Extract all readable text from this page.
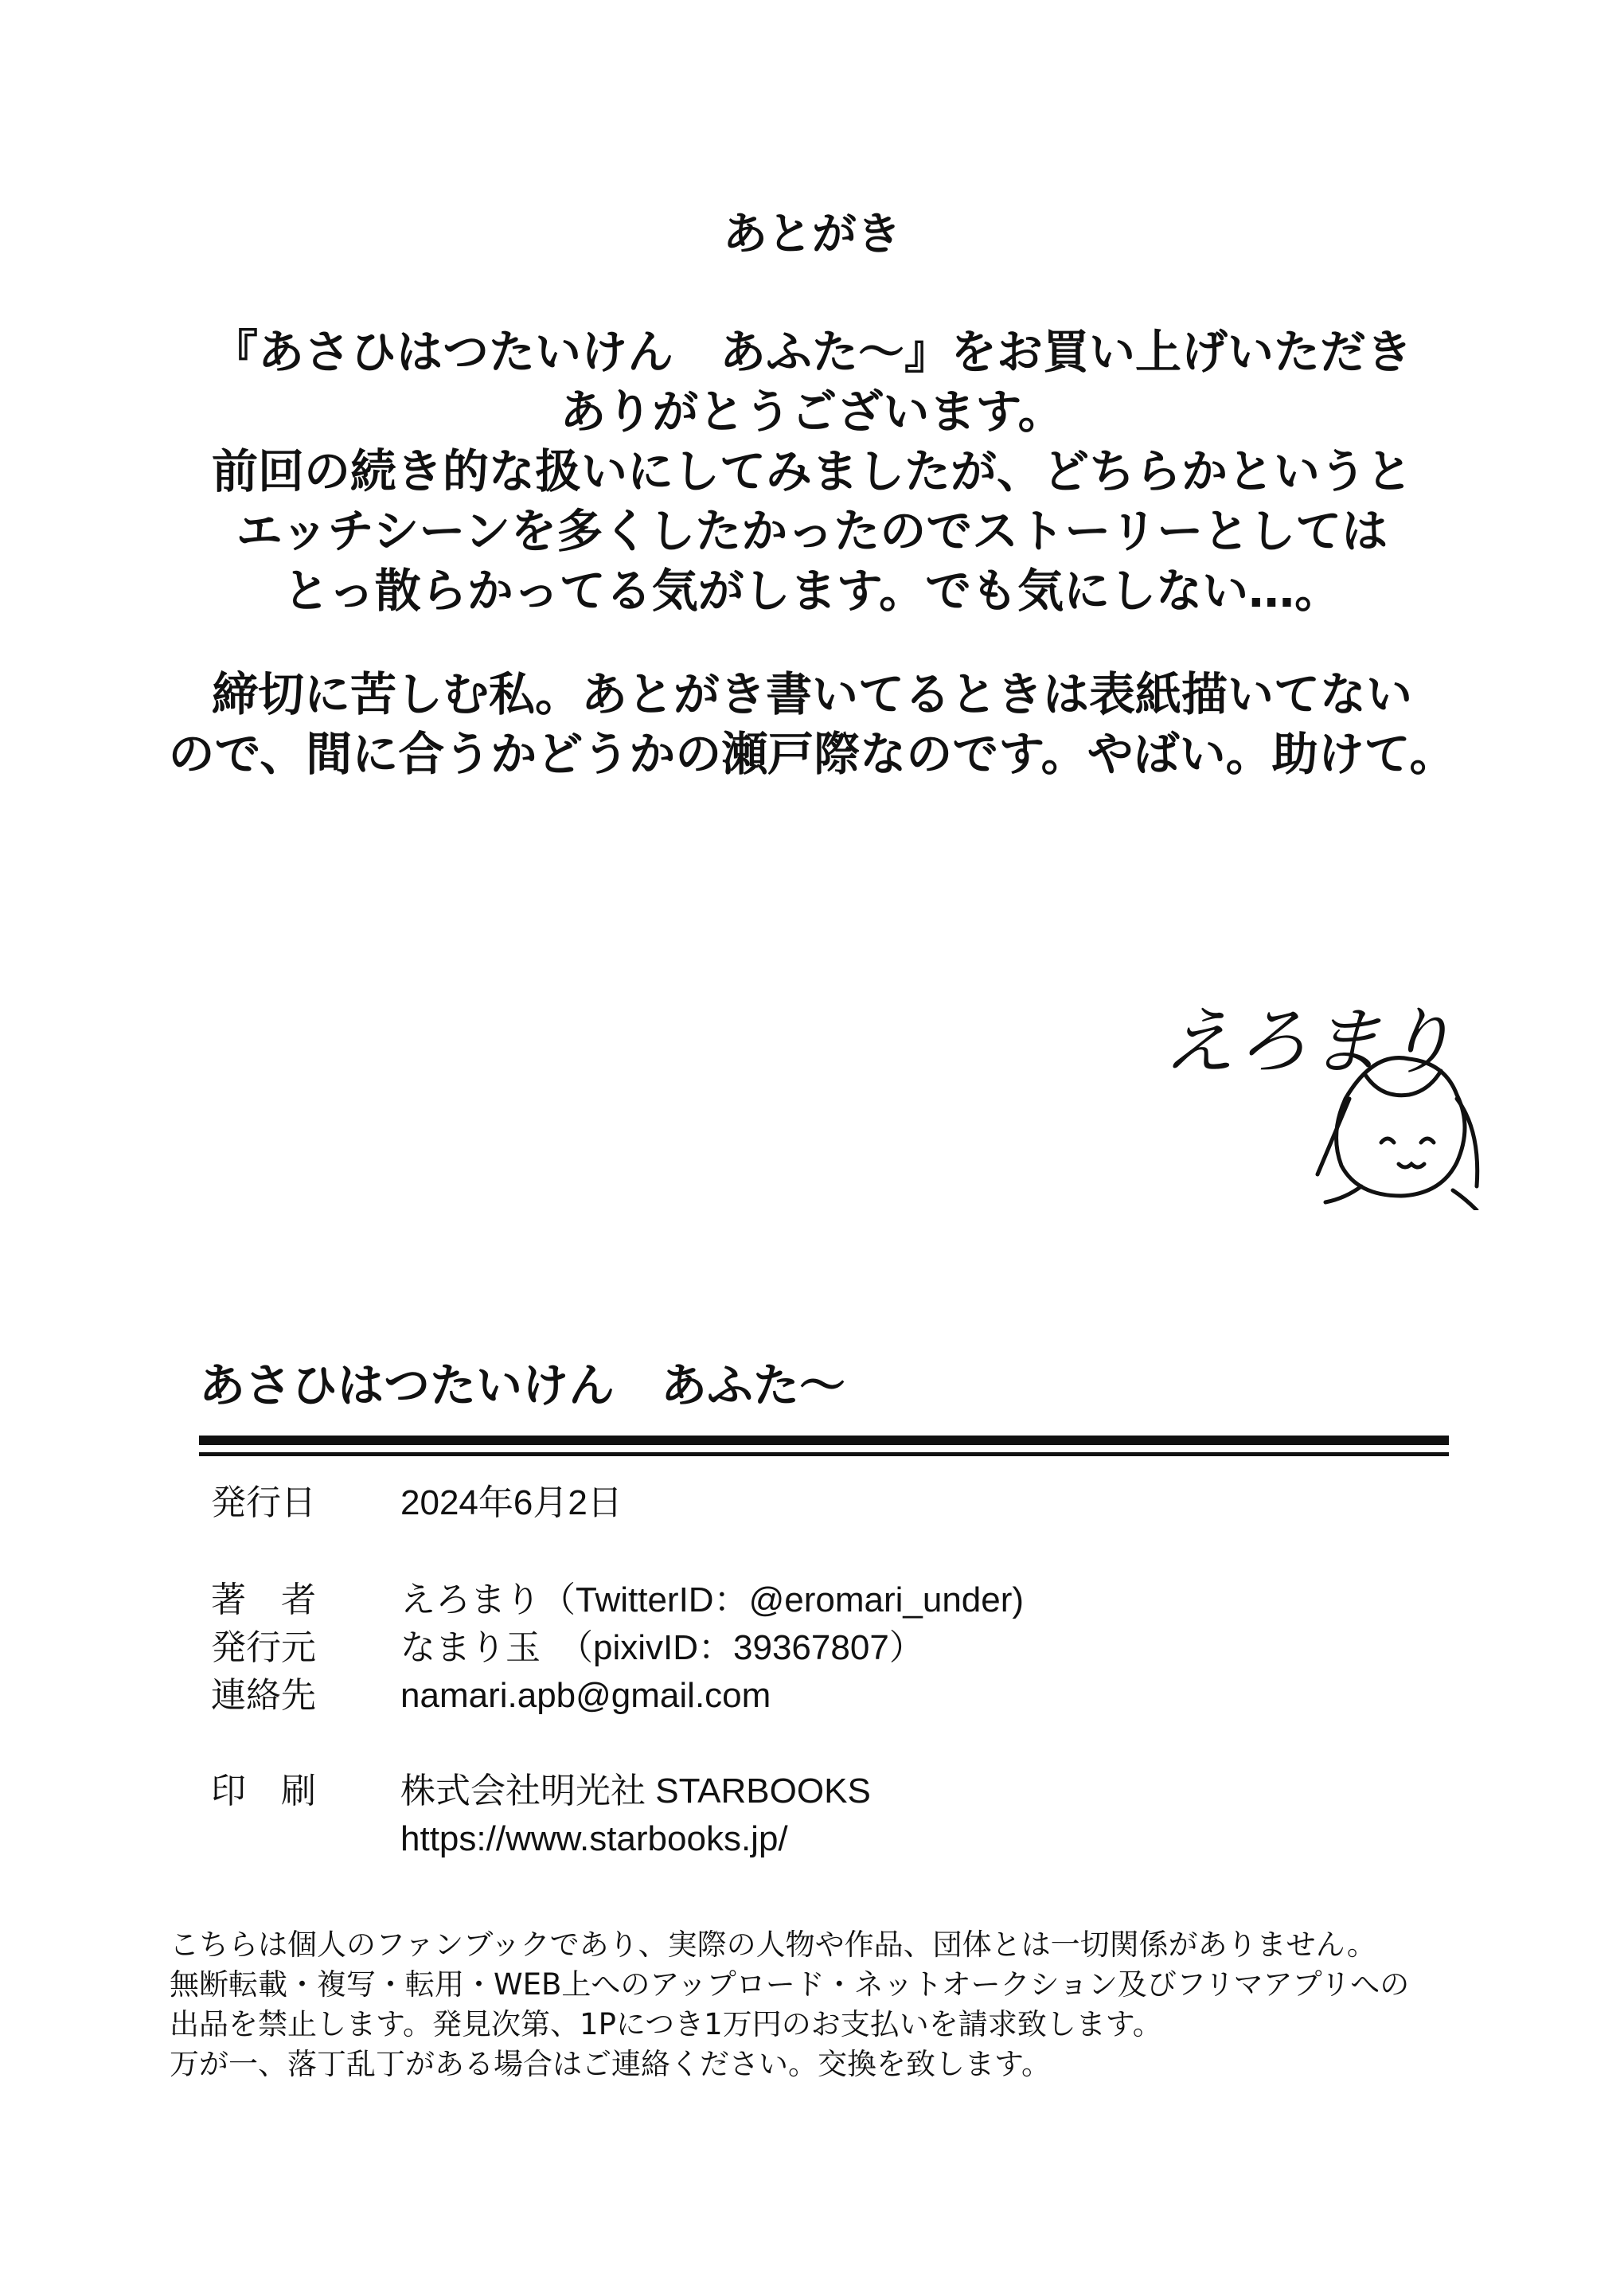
あとがき
『あさひはつたいけん　あふた～』をお買い上げいただき
ありがとうございます。
前回の続き的な扱いにしてみましたが、どちらかというと
エッチシーンを多くしたかったのでストーリーとしては
とっ散らかってる気がします。でも気にしない…。
締切に苦しむ私。あとがき書いてるときは表紙描いてない
ので、間に合うかどうかの瀬戸際なのです。やばい。助けて。
えろまり
あさひはつたいけん　あふた～
発行日	2024年6月2日
著　者	えろまり（TwitterID：@eromari_under)
発行元	なまり玉　（pixivID：39367807）
連絡先	namari.apb@gmail.com
印　刷	株式会社明光社 STARBOOKS
https://www.starbooks.jp/
こちらは個人のファンブックであり、実際の人物や作品、団体とは一切関係がありません。
無断転載・複写・転用・WEB上へのアップロード・ネットオークション及びフリマアプリへの
出品を禁止します。発見次第、1Pにつき1万円のお支払いを請求致します。
万が一、落丁乱丁がある場合はご連絡ください。交換を致します。
